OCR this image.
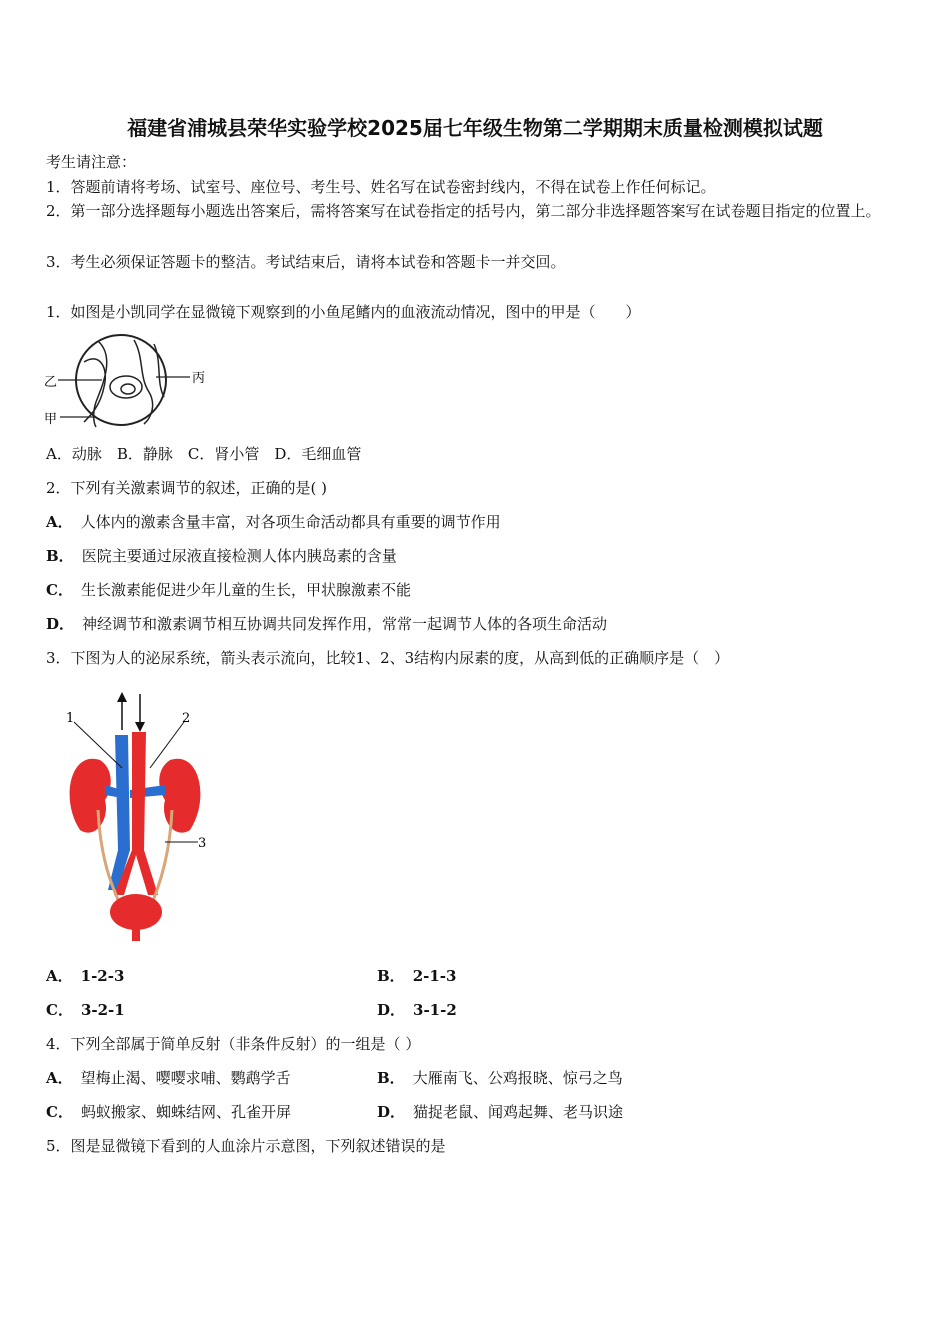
福建省浦城县荣华实验学校2025届七年级生物第二学期期末质量检测模拟试题
考生请注意：
1．答题前请将考场、试室号、座位号、考生号、姓名写在试卷密封线内，不得在试卷上作任何标记。
2．第一部分选择题每小题选出答案后，需将答案写在试卷指定的括号内，第二部分非选择题答案写在试卷题目指定的位置上。
3．考生必须保证答题卡的整洁。考试结束后，请将本试卷和答题卡一并交回。
1．如图是小凯同学在显微镜下观察到的小鱼尾鳍内的血液流动情况，图中的甲是（　　）
乙
甲
丙
A．动脉　B．静脉　C．肾小管　D．毛细血管
2．下列有关激素调节的叙述，正确的是( )
A． 人体内的激素含量丰富，对各项生命活动都具有重要的调节作用
B． 医院主要通过尿液直接检测人体内胰岛素的含量
C． 生长激素能促进少年儿童的生长，甲状腺激素不能
D． 神经调节和激素调节相互协调共同发挥作用，常常一起调节人体的各项生命活动
3．下图为人的泌尿系统，箭头表示流向，比较1、2、3结构内尿素的度，从高到低的正确顺序是（　）
1	2
3
A． 1-2-3	B． 2-1-3
C． 3-2-1	D． 3-1-2
4．下列全部属于简单反射（非条件反射）的一组是（ ）
A． 望梅止渴、嘤嘤求哺、鹦鹉学舌	B． 大雁南飞、公鸡报晓、惊弓之鸟
C． 蚂蚁搬家、蜘蛛结网、孔雀开屏	D． 猫捉老鼠、闻鸡起舞、老马识途
5．图是显微镜下看到的人血涂片示意图，下列叙述错误的是
